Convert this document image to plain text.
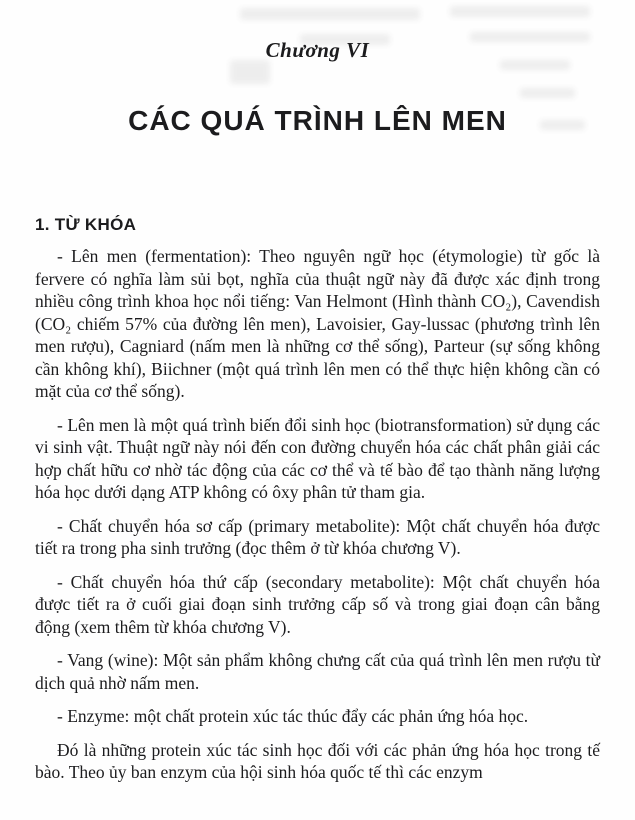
Chương VI
CÁC QUÁ TRÌNH LÊN MEN
1. TỪ KHÓA

- Lên men (fermentation): Theo nguyên ngữ học (étymologie) từ gốc là fervere có nghĩa làm sủi bọt, nghĩa của thuật ngữ này đã được xác định trong nhiều công trình khoa học nổi tiếng: Van Helmont (Hình thành CO₂), Cavendish (CO₂ chiếm 57% của đường lên men), Lavoisier, Gay-lussac (phương trình lên men rượu), Cagniard (nấm men là những cơ thể sống), Parteur (sự sống không cần không khí), Biichner (một quá trình lên men có thể thực hiện không cần có mặt của cơ thể sống).

- Lên men là một quá trình biến đổi sinh học (biotransformation) sử dụng các vi sinh vật. Thuật ngữ này nói đến con đường chuyển hóa các chất phân giải các hợp chất hữu cơ nhờ tác động của các cơ thể và tế bào để tạo thành năng lượng hóa học dưới dạng ATP không có ôxy phân tử tham gia.

- Chất chuyển hóa sơ cấp (primary metabolite): Một chất chuyển hóa được tiết ra trong pha sinh trưởng (đọc thêm ở từ khóa chương V).

- Chất chuyển hóa thứ cấp (secondary metabolite): Một chất chuyển hóa được tiết ra ở cuối giai đoạn sinh trưởng cấp số và trong giai đoạn cân bằng động (xem thêm từ khóa chương V).

- Vang (wine): Một sản phẩm không chưng cất của quá trình lên men rượu từ dịch quả nhờ nấm men.

- Enzyme: một chất protein xúc tác thúc đẩy các phản ứng hóa học.

Đó là những protein xúc tác sinh học đối với các phản ứng hóa học trong tế bào. Theo ủy ban enzym của hội sinh hóa quốc tế thì các enzym
